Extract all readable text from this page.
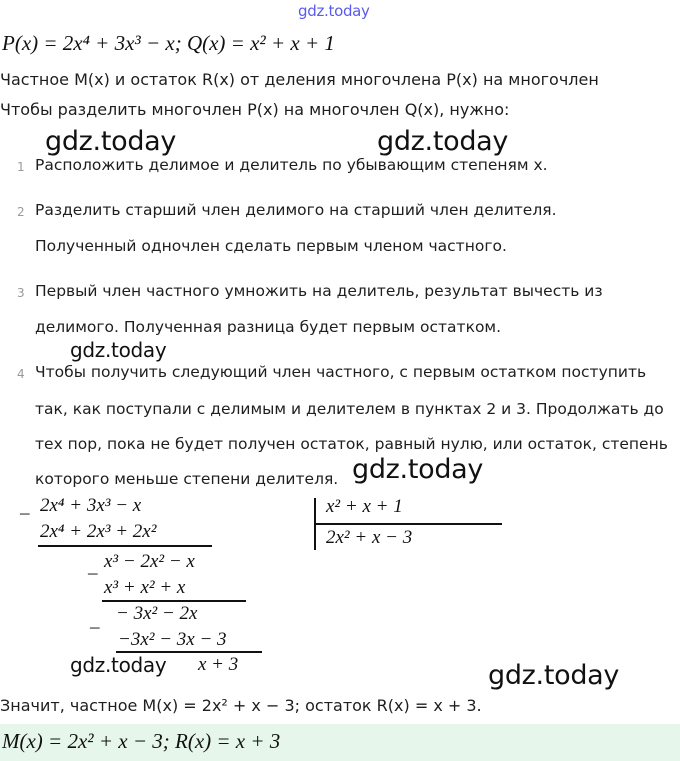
gdz.today
P(x) = 2x⁴ + 3x³ − x; Q(x) = x² + x + 1
Частное M(x) и остаток R(x) от деления многочлена P(x) на многочлен
Чтобы разделить многочлен P(x) на многочлен Q(x), нужно:
gdz.today	gdz.today
1 Расположить делимое и делитель по убывающим степеням x.
2 Разделить старший член делимого на старший член делителя.
Полученный одночлен сделать первым членом частного.
3 Первый член частного умножить на делитель, результат вычесть из
делимого. Полученная разница будет первым остатком.
gdz.today
4 Чтобы получить следующий член частного, с первым остатком поступить
так, как поступали с делимым и делителем в пунктах 2 и 3. Продолжать до
тех пор, пока не будет получен остаток, равный нулю, или остаток, степень
которого меньше степени делителя. gdz.today
_ 2x⁴ + 3x³ − x
2x⁴ + 2x³ + 2x²
_ x³ − 2x² − x
x³ + x² + x
_ − 3x² − 2x
−3x² − 3x − 3
gdz.today x + 3
x² + x + 1
2x² + x − 3
gdz.today
Значит, частное M(x) = 2x² + x − 3; остаток R(x) = x + 3.
M(x) = 2x² + x − 3; R(x) = x + 3
